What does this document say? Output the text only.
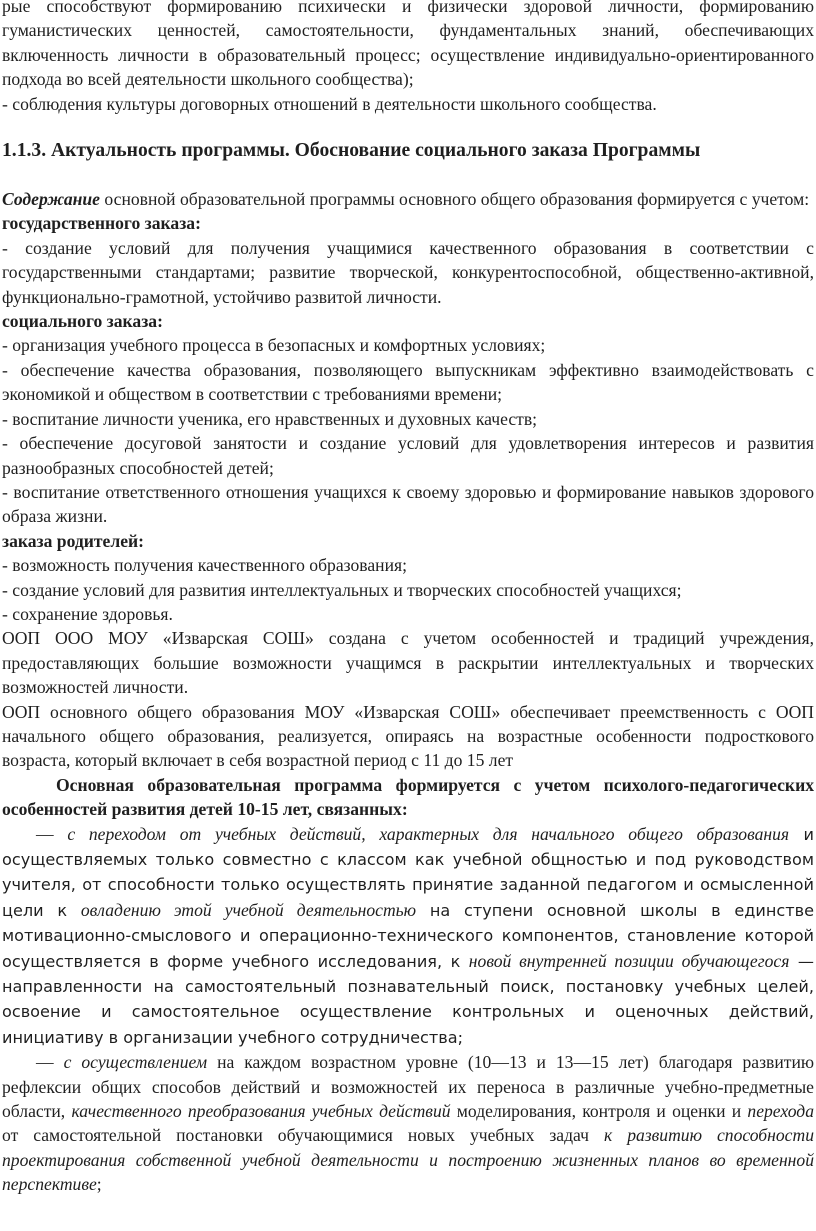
рые способствуют формированию психически и физически здоровой личности, формированию гуманистических ценностей, самостоятельности, фундаментальных знаний, обеспечивающих включенность личности в образовательный процесс; осуществление индивидуально-ориентированного подхода во всей деятельности школьного сообщества);

- соблюдения культуры договорных отношений в деятельности школьного сообщества.

1.1.3. Актуальность программы. Обоснование социального заказа Программы

Содержание основной образовательной программы основного общего образования формируется с учетом:

государственного заказа:

- создание условий для получения учащимися качественного образования в соответствии с государственными стандартами; развитие творческой, конкурентоспособной, общественно-активной, функционально-грамотной, устойчиво развитой личности.

социального заказа:

- организация учебного процесса в безопасных и комфортных условиях;

- обеспечение качества образования, позволяющего выпускникам эффективно взаимодействовать с экономикой и обществом в соответствии с требованиями времени;

- воспитание личности ученика, его нравственных и духовных качеств;

- обеспечение досуговой занятости и создание условий для удовлетворения интересов и развития разнообразных способностей детей;

- воспитание ответственного отношения учащихся к своему здоровью и формирование навыков здорового образа жизни.

заказа родителей:

- возможность получения качественного образования;

- создание условий для развития интеллектуальных и творческих способностей учащихся;

- сохранение здоровья.

ООП ООО МОУ «Изварская СОШ» создана с учетом особенностей и традиций учреждения, предоставляющих большие возможности учащимся в раскрытии интеллектуальных и творческих возможностей личности.

ООП основного общего образования МОУ «Изварская СОШ» обеспечивает преемственность с ООП начального общего образования, реализуется, опираясь на возрастные особенности подросткового возраста, который включает в себя возрастной период с 11 до 15 лет

Основная образовательная программа формируется с учетом психолого-педагогических особенностей развития детей 10-15 лет, связанных:

— с переходом от учебных действий, характерных для начального общего образования и осуществляемых только совместно с классом как учебной общностью и под руководством учителя, от способности только осуществлять принятие заданной педагогом и осмысленной цели к овладению этой учебной деятельностью на ступени основной школы в единстве мотивационно-смыслового и операционно-технического компонентов, становление которой осуществляется в форме учебного исследования, к новой внутренней позиции обучающегося — направленности на самостоятельный познавательный поиск, постановку учебных целей, освоение и самостоятельное осуществление контрольных и оценочных действий, инициативу в организации учебного сотрудничества;

— с осуществлением на каждом возрастном уровне (10—13 и 13—15 лет) благодаря развитию рефлексии общих способов действий и возможностей их переноса в различные учебно-предметные области, качественного преобразования учебных действий моделирования, контроля и оценки и перехода от самостоятельной постановки обучающимися новых учебных задач к развитию способности проектирования собственной учебной деятельности и построению жизненных планов во временной перспективе;
